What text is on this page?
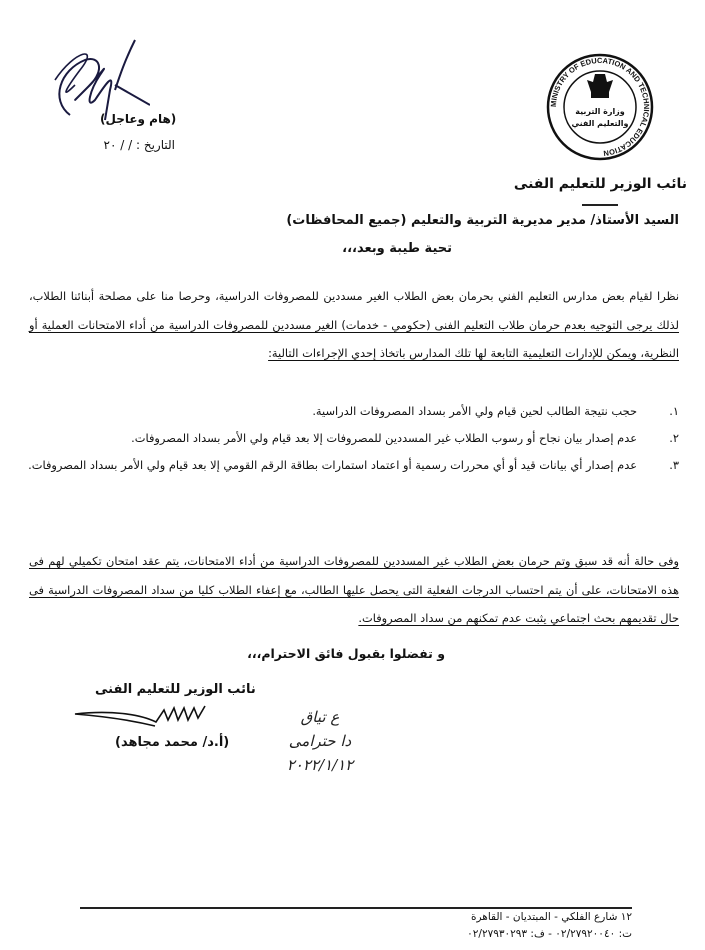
(هام وعاجل)
التاريخ : / / ٢٠
MINISTRY OF EDUCATION AND TECHNICAL EDUCATION
وزارة التربية
والتعليم الفني
نائب الوزير للتعليم الفنى
السيد الأستاذ/ مدير مديرية التربية والتعليم (جميع المحافظات)
تحية طيبة وبعد،،،
نظرا لقيام بعض مدارس التعليم الفني بحرمان بعض الطلاب الغير مسددين للمصروفات الدراسية، وحرصا منا على مصلحة أبنائنا الطلاب، لذلك يرجى التوجيه بعدم حرمان طلاب التعليم الفنى (حكومي - خدمات) الغير مسددين للمصروفات الدراسية من أداء الامتحانات العملية أو النظرية، ويمكن للإدارات التعليمية التابعة لها تلك المدارس باتخاذ إحدي الإجراءات التالية:
١.
حجب نتيجة الطالب لحين قيام ولي الأمر بسداد المصروفات الدراسية.
٢.
عدم إصدار بيان نجاح أو رسوب الطلاب غير المسددين للمصروفات إلا بعد قيام ولي الأمر بسداد المصروفات.
٣.
عدم إصدار أي بيانات قيد أو أي محررات رسمية أو اعتماد استمارات بطاقة الرقم القومي إلا بعد قيام ولي الأمر بسداد المصروفات.
وفى حالة أنه قد سبق وتم حرمان بعض الطلاب غير المسددين للمصروفات الدراسية من أداء الامتحانات، يتم عقد امتحان تكميلي لهم فى هذه الامتحانات، على أن يتم احتساب الدرجات الفعلية التى يحصل عليها الطالب، مع إعفاء الطلاب كليا من سداد المصروفات الدراسية فى حال تقديمهم بحث اجتماعي يثبت عدم تمكنهم من سداد المصروفات.
و تفضلوا بقبول فائق الاحترام،،،
نائب الوزير للتعليم الفنى
(أ.د/ محمد مجاهد)
ع تياق
دا حترامى
٢٠٢٢/١/١٢
١٢ شارع الفلكي - المبتديان - القاهرة
ت: ٠٢/٢٧٩٢٠٠٤٠ - ف: ٠٢/٢٧٩٣٠٢٩٣
